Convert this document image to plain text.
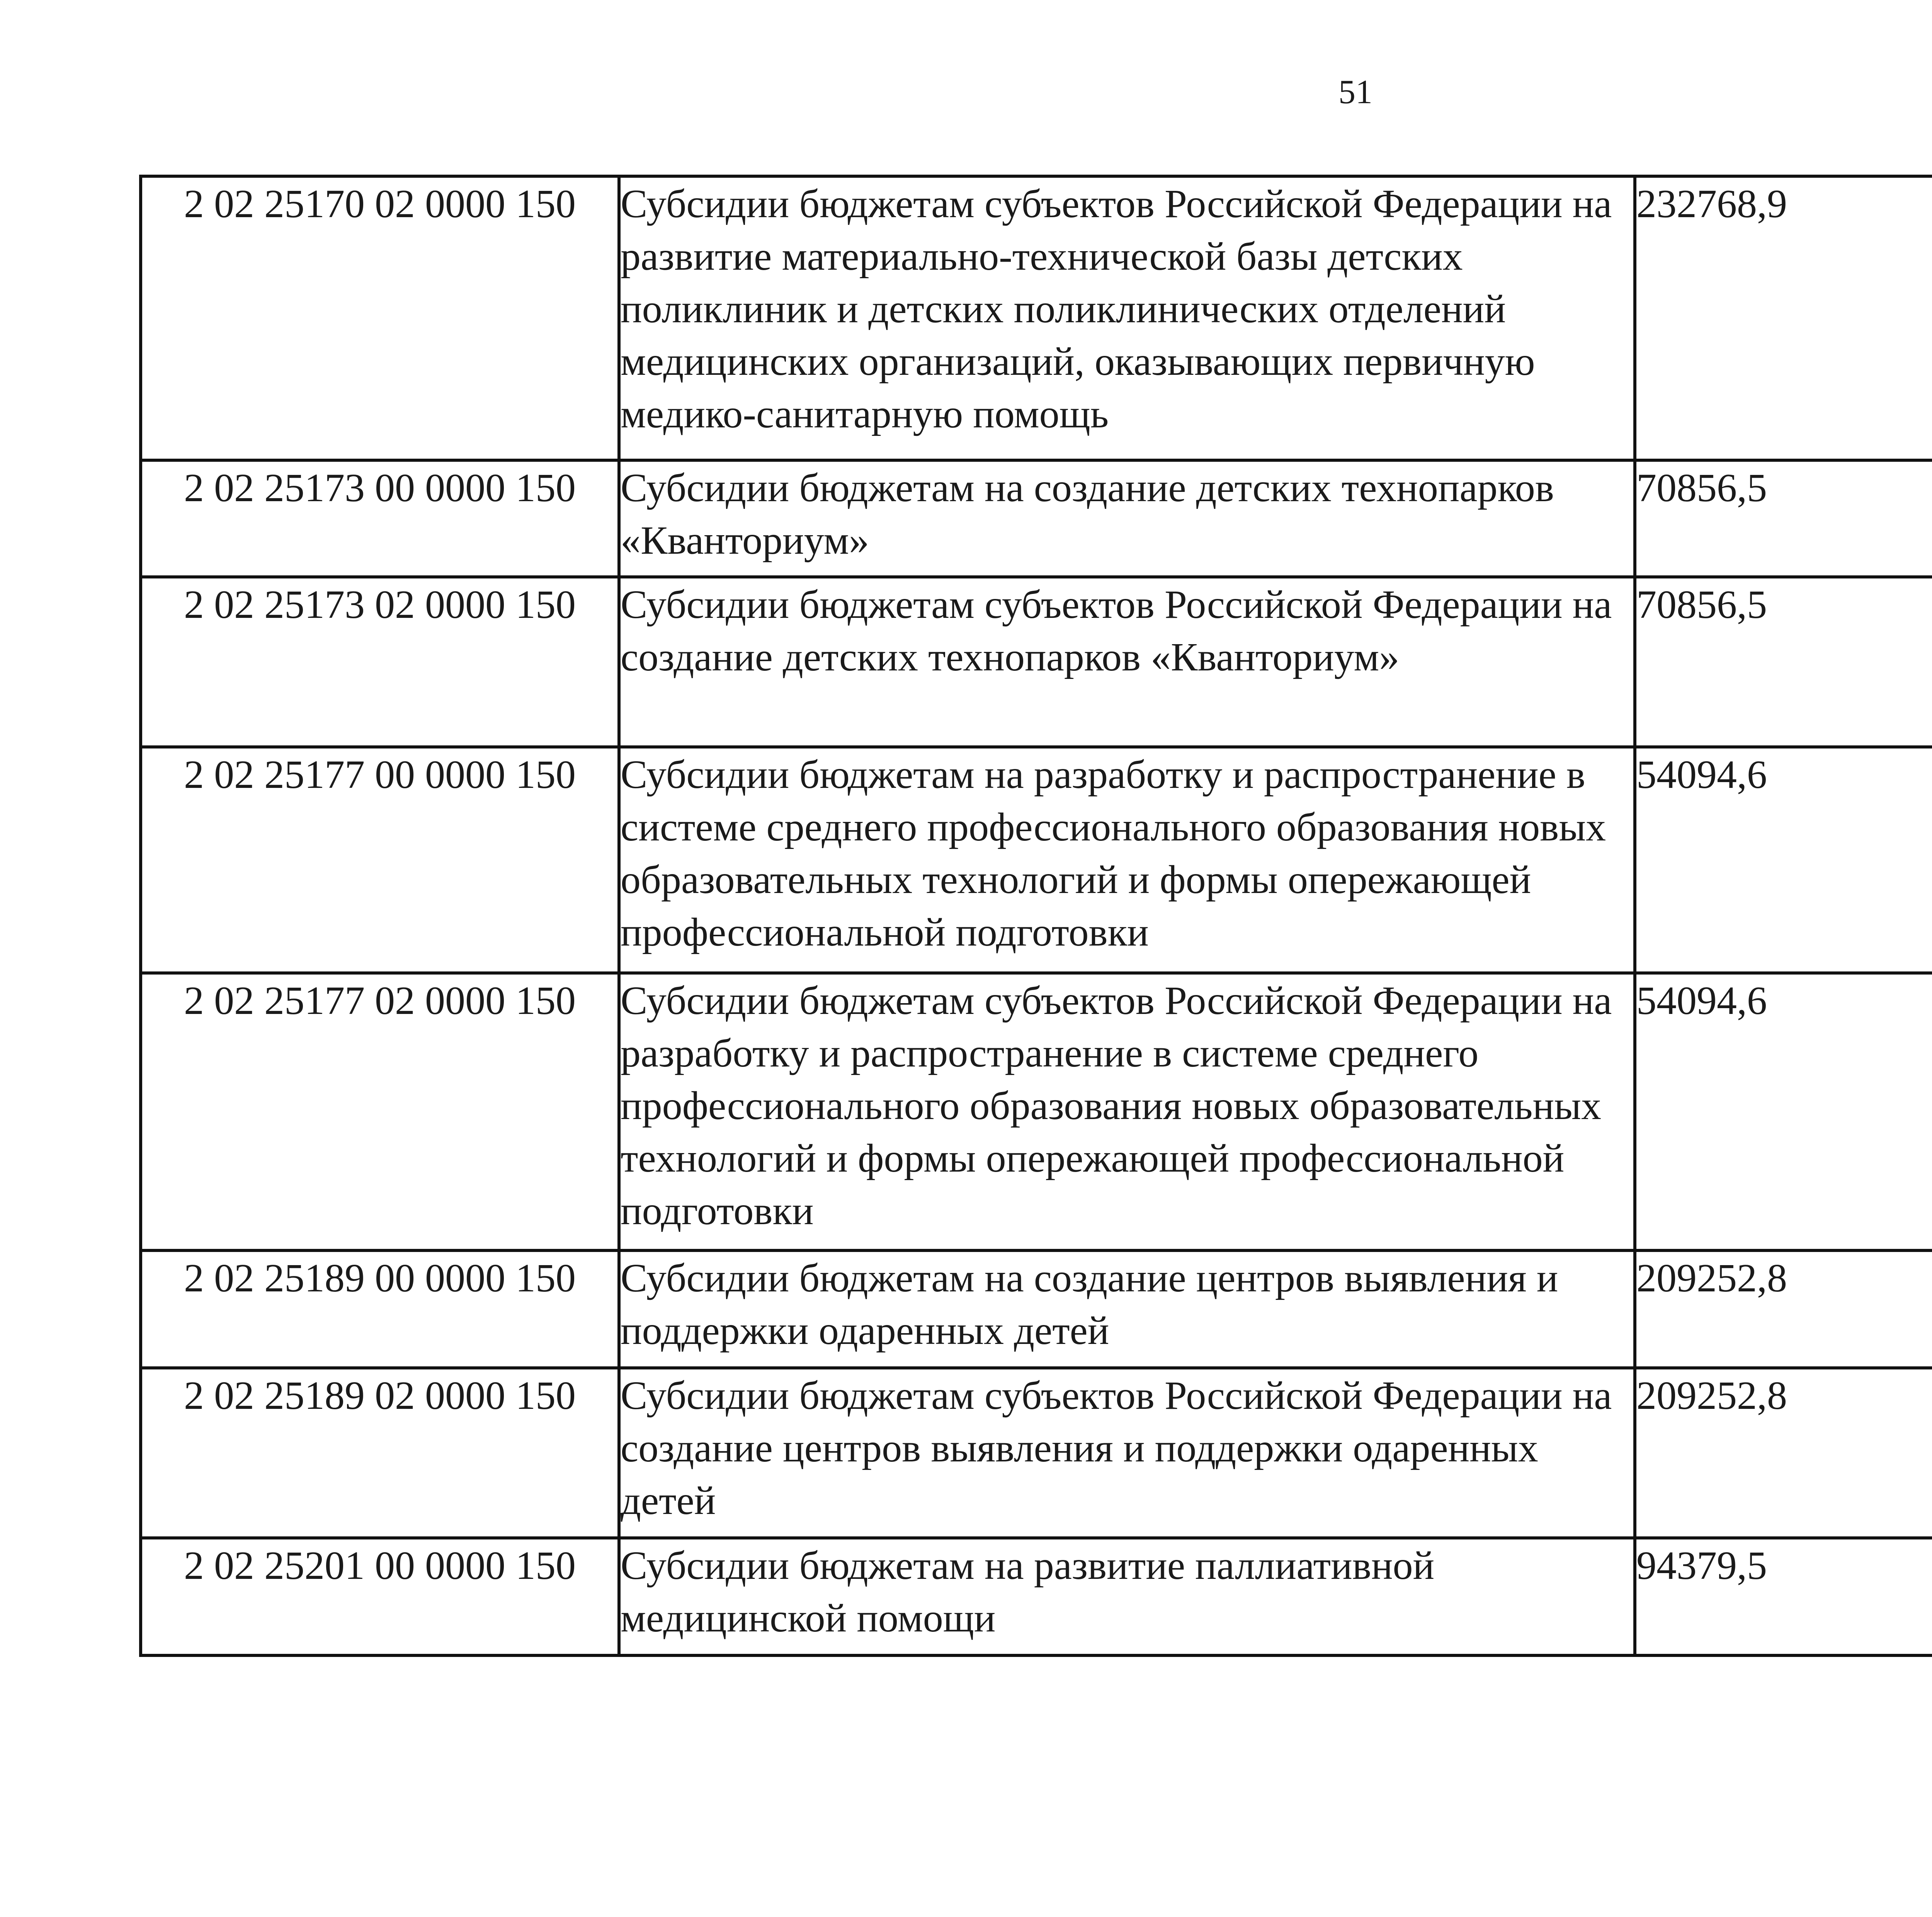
51
2 02 25170 02 0000 150	Субсидии бюджетам субъектов Российской Федерации на развитие материально-технической базы детских поликлиник и детских поликлинических отделений медицинских организаций, оказывающих первичную медико-санитарную помощь	232768,9		
2 02 25173 00 0000 150	Субсидии бюджетам на создание детских технопарков «Кванториум»	70856,5		
2 02 25173 02 0000 150	Субсидии бюджетам субъектов Российской Федерации на создание детских технопарков «Кванториум»	70856,5		
2 02 25177 00 0000 150	Субсидии бюджетам на разработку и распространение в системе среднего профессионального образования новых образовательных технологий и формы опережающей профессиональной подготовки	54094,6		
2 02 25177 02 0000 150	Субсидии бюджетам субъектов Российской Федерации на разработку и распространение в системе среднего профессионального образования новых образовательных технологий и формы опережающей профессиональной подготовки	54094,6		
2 02 25189 00 0000 150	Субсидии бюджетам на создание центров выявления и поддержки одаренных детей	209252,8		
2 02 25189 02 0000 150	Субсидии бюджетам субъектов Российской Федерации на создание центров выявления и поддержки одаренных детей	209252,8		
2 02 25201 00 0000 150	Субсидии бюджетам на развитие паллиативной медицинской помощи	94379,5		
